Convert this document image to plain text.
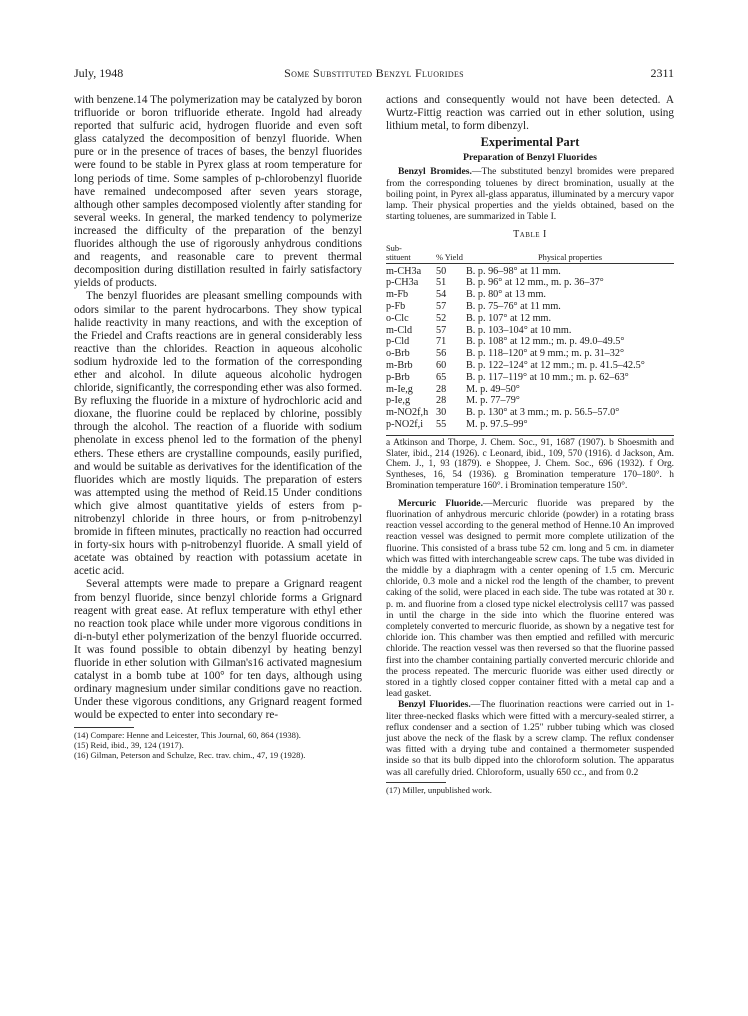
July, 1948	Some Substituted Benzyl Fluorides	2311

with benzene.14 The polymerization may be catalyzed by boron trifluoride or boron trifluoride etherate. Ingold had already reported that sulfuric acid, hydrogen fluoride and even soft glass catalyzed the decomposition of benzyl fluoride. When pure or in the presence of traces of bases, the benzyl fluorides were found to be stable in Pyrex glass at room temperature for long periods of time. Some samples of p-chlorobenzyl fluoride have remained undecomposed after seven years storage, although other samples decomposed violently after standing for several weeks. In general, the marked tendency to polymerize increased the difficulty of the preparation of the benzyl fluorides although the use of rigorously anhydrous conditions and reagents, and reasonable care to prevent thermal decomposition during distillation resulted in fairly satisfactory yields of products.

The benzyl fluorides are pleasant smelling compounds with odors similar to the parent hydrocarbons. They show typical halide reactivity in many reactions, and with the exception of the Friedel and Crafts reactions are in general considerably less reactive than the chlorides. Reaction in aqueous alcoholic sodium hydroxide led to the formation of the corresponding ether and alcohol. In dilute aqueous alcoholic hydrogen chloride, significantly, the corresponding ether was also formed. By refluxing the fluoride in a mixture of hydrochloric acid and dioxane, the fluorine could be replaced by chlorine, possibly through the alcohol. The reaction of a fluoride with sodium phenolate in excess phenol led to the formation of the phenyl ethers. These ethers are crystalline compounds, easily purified, and would be suitable as derivatives for the identification of the fluorides which are mostly liquids. The preparation of esters was attempted using the method of Reid.15 Under conditions which give almost quantitative yields of esters from p-nitrobenzyl chloride in three hours, or from p-nitrobenzyl bromide in fifteen minutes, practically no reaction had occurred in forty-six hours with p-nitrobenzyl fluoride. A small yield of acetate was obtained by reaction with potassium acetate in acetic acid.

Several attempts were made to prepare a Grignard reagent from benzyl fluoride, since benzyl chloride forms a Grignard reagent with great ease. At reflux temperature with ethyl ether no reaction took place while under more vigorous conditions in di-n-butyl ether polymerization of the benzyl fluoride occurred. It was found possible to obtain dibenzyl by heating benzyl fluoride in ether solution with Gilman's16 activated magnesium catalyst in a bomb tube at 100° for ten days, although using ordinary magnesium under similar conditions gave no reaction. Under these vigorous conditions, any Grignard reagent formed would be expected to enter into secondary re-

(14) Compare: Henne and Leicester, This Journal, 60, 864 (1938).

(15) Reid, ibid., 39, 124 (1917).

(16) Gilman, Peterson and Schulze, Rec. trav. chim., 47, 19 (1928).

actions and consequently would not have been detected. A Wurtz-Fittig reaction was carried out in ether solution, using lithium metal, to form dibenzyl.

Experimental Part
Preparation of Benzyl Fluorides

Benzyl Bromides.—The substituted benzyl bromides were prepared from the corresponding toluenes by direct bromination, usually at the boiling point, in Pyrex all-glass apparatus, illuminated by a mercury vapor lamp. Their physical properties and the yields obtained, based on the starting toluenes, are summarized in Table I.

Table I
Sub-
stituent	% Yield	Physical properties
m-CH3a	50	B. p. 96–98° at 11 mm.
p-CH3a	51	B. p. 96° at 12 mm., m. p. 36–37°
m-Fb	54	B. p. 80° at 13 mm.
p-Fb	57	B. p. 75–76° at 11 mm.
o-Clc	52	B. p. 107° at 12 mm.
m-Cld	57	B. p. 103–104° at 10 mm.
p-Cld	71	B. p. 108° at 12 mm.; m. p. 49.0–49.5°
o-Brb	56	B. p. 118–120° at 9 mm.; m. p. 31–32°
m-Brb	60	B. p. 122–124° at 12 mm.; m. p. 41.5–42.5°
p-Brb	65	B. p. 117–119° at 10 mm.; m. p. 62–63°
m-Ie,g	28	M. p. 49–50°
p-Ie,g	28	M. p. 77–79°
m-NO2f,h	30	B. p. 130° at 3 mm.; m. p. 56.5–57.0°
p-NO2f,i	55	M. p. 97.5–99°
a Atkinson and Thorpe, J. Chem. Soc., 91, 1687 (1907). b Shoesmith and Slater, ibid., 214 (1926). c Leonard, ibid., 109, 570 (1916). d Jackson, Am. Chem. J., 1, 93 (1879). e Shoppee, J. Chem. Soc., 696 (1932). f Org. Syntheses, 16, 54 (1936). g Bromination temperature 170–180°. h Bromination temperature 160°. i Bromination temperature 150°.

Mercuric Fluoride.—Mercuric fluoride was prepared by the fluorination of anhydrous mercuric chloride (powder) in a rotating brass reaction vessel according to the general method of Henne.10 An improved reaction vessel was designed to permit more complete utilization of the fluorine. This consisted of a brass tube 52 cm. long and 5 cm. in diameter which was fitted with interchangeable screw caps. The tube was divided in the middle by a diaphragm with a center opening of 1.5 cm. Mercuric chloride, 0.3 mole and a nickel rod the length of the chamber, to prevent caking of the solid, were placed in each side. The tube was rotated at 30 r. p. m. and fluorine from a closed type nickel electrolysis cell17 was passed in until the charge in the side into which the fluorine entered was completely converted to mercuric fluoride, as shown by a negative test for chloride ion. This chamber was then emptied and refilled with mercuric chloride. The reaction vessel was then reversed so that the fluorine passed first into the chamber containing partially converted mercuric chloride and the process repeated. The mercuric fluoride was either used directly or stored in a tightly closed copper container fitted with a metal cap and a lead gasket.

Benzyl Fluorides.—The fluorination reactions were carried out in 1-liter three-necked flasks which were fitted with a mercury-sealed stirrer, a reflux condenser and a section of 1.25" rubber tubing which was closed just above the neck of the flask by a screw clamp. The reflux condenser was fitted with a drying tube and contained a thermometer suspended inside so that its bulb dipped into the chloroform solution. The apparatus was all carefully dried. Chloroform, usually 650 cc., and from 0.2

(17) Miller, unpublished work.
